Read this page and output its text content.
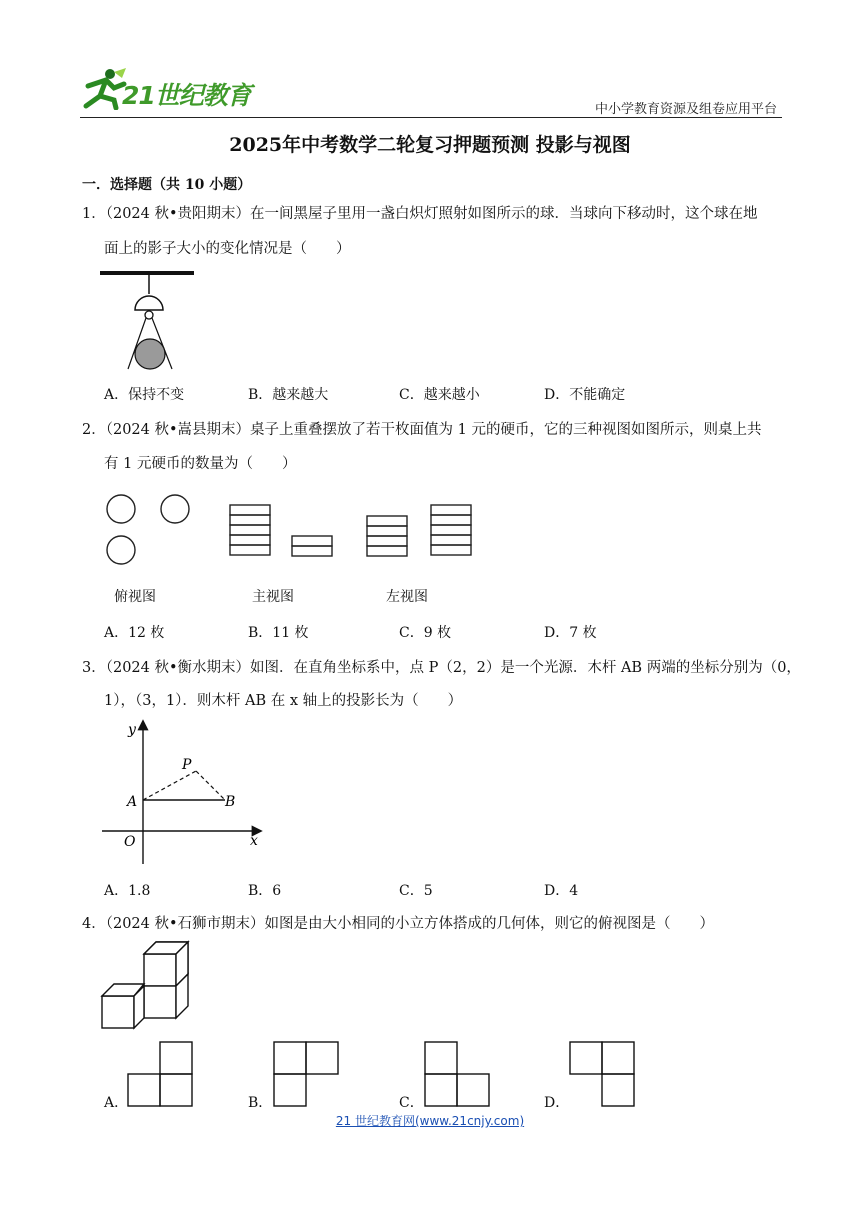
21世纪教育	中小学教育资源及组卷应用平台
2025年中考数学二轮复习押题预测 投影与视图
一．选择题（共 10 小题）
1．（2024 秋•贵阳期末）在一间黑屋子里用一盏白炽灯照射如图所示的球．当球向下移动时，这个球在地
面上的影子大小的变化情况是（　　）
A．保持不变	B．越来越大	C．越来越小	D．不能确定
2．（2024 秋•嵩县期末）桌子上重叠摆放了若干枚面值为 1 元的硬币，它的三种视图如图所示，则桌上共
有 1 元硬币的数量为（　　）
俯视图	主视图	左视图
A．12 枚	B．11 枚	C．9 枚	D．7 枚
3．（2024 秋•衡水期末）如图．在直角坐标系中，点 P（2，2）是一个光源．木杆 AB 两端的坐标分别为（0，
1），（3，1）．则木杆 AB 在 x 轴上的投影长为（　　）
y
x
P
A	B
O
A．1.8	B．6	C．5	D．4
4．（2024 秋•石狮市期末）如图是由大小相同的小立方体搭成的几何体，则它的俯视图是（　　）
A．	B．	C．	D．
21 世纪教育网(www.21cnjy.com)
